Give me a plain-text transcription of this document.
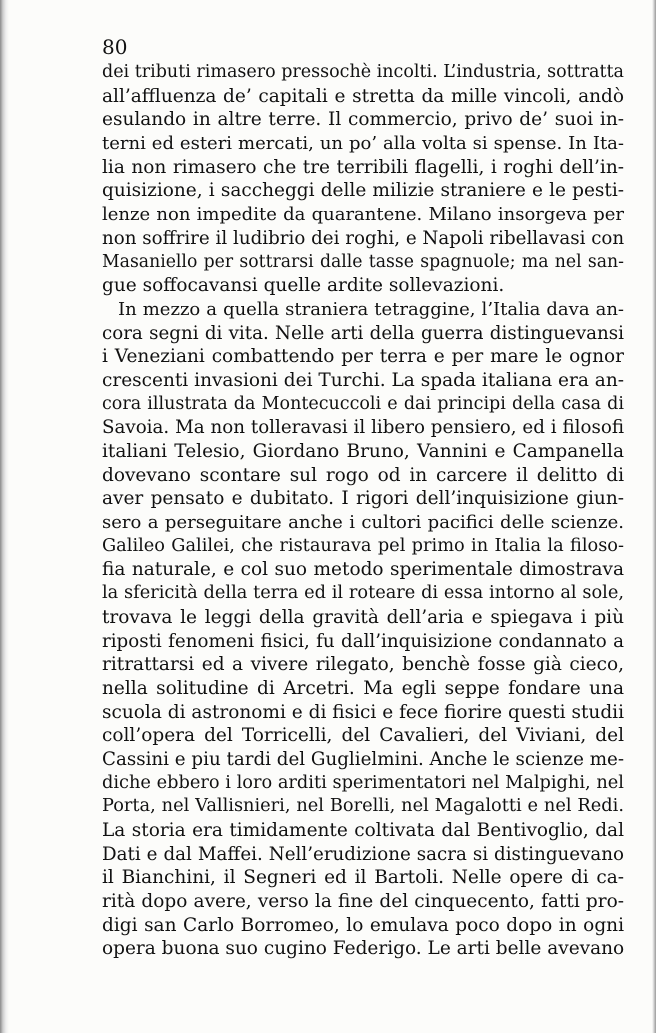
80
dei tributi rimasero pressochè incolti. L’industria, sottratta
all’affluenza de’ capitali e stretta da mille vincoli, andò
esulando in altre terre. Il commercio, privo de’ suoi in-
terni ed esteri mercati, un po’ alla volta si spense. In Ita-
lia non rimasero che tre terribili flagelli, i roghi dell’in-
quisizione, i saccheggi delle milizie straniere e le pesti-
lenze non impedite da quarantene. Milano insorgeva per
non soffrire il ludibrio dei roghi, e Napoli ribellavasi con
Masaniello per sottrarsi dalle tasse spagnuole; ma nel san-
gue soffocavansi quelle ardite sollevazioni.
In mezzo a quella straniera tetraggine, l’Italia dava an-
cora segni di vita. Nelle arti della guerra distinguevansi
i Veneziani combattendo per terra e per mare le ognor
crescenti invasioni dei Turchi. La spada italiana era an-
cora illustrata da Montecuccoli e dai principi della casa di
Savoia. Ma non tolleravasi il libero pensiero, ed i filosofi
italiani Telesio, Giordano Bruno, Vannini e Campanella
dovevano scontare sul rogo od in carcere il delitto di
aver pensato e dubitato. I rigori dell’inquisizione giun-
sero a perseguitare anche i cultori pacifici delle scienze.
Galileo Galilei, che ristaurava pel primo in Italia la filoso-
fia naturale, e col suo metodo sperimentale dimostrava
la sfericità della terra ed il roteare di essa intorno al sole,
trovava le leggi della gravità dell’aria e spiegava i più
riposti fenomeni fisici, fu dall’inquisizione condannato a
ritrattarsi ed a vivere rilegato, benchè fosse già cieco,
nella solitudine di Arcetri. Ma egli seppe fondare una
scuola di astronomi e di fisici e fece fiorire questi studii
coll’opera del Torricelli, del Cavalieri, del Viviani, del
Cassini e piu tardi del Guglielmini. Anche le scienze me-
diche ebbero i loro arditi sperimentatori nel Malpighi, nel
Porta, nel Vallisnieri, nel Borelli, nel Magalotti e nel Redi.
La storia era timidamente coltivata dal Bentivoglio, dal
Dati e dal Maffei. Nell’erudizione sacra si distinguevano
il Bianchini, il Segneri ed il Bartoli. Nelle opere di ca-
rità dopo avere, verso la fine del cinquecento, fatti pro-
digi san Carlo Borromeo, lo emulava poco dopo in ogni
opera buona suo cugino Federigo. Le arti belle avevano
